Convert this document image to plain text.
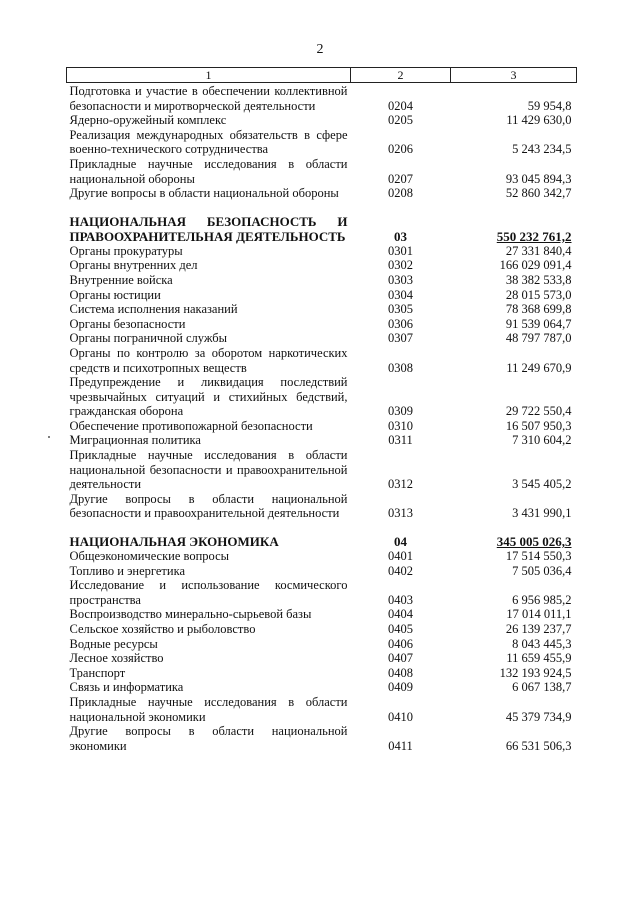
2
1	2	3
Подготовка и участие в обеспечении коллективной безопасности и миротворческой деятельности	0204	59 954,8
Ядерно-оружейный комплекс	0205	11 429 630,0
Реализация международных обязательств в сфере военно-технического сотрудничества	0206	5 243 234,5
Прикладные научные исследования в области национальной обороны	0207	93 045 894,3
Другие вопросы в области национальной обороны	0208	52 860 342,7
НАЦИОНАЛЬНАЯ БЕЗОПАСНОСТЬ И ПРАВООХРАНИТЕЛЬНАЯ ДЕЯТЕЛЬНОСТЬ	03	550 232 761,2
Органы прокуратуры	0301	27 331 840,4
Органы внутренних дел	0302	166 029 091,4
Внутренние войска	0303	38 382 533,8
Органы юстиции	0304	28 015 573,0
Система исполнения наказаний	0305	78 368 699,8
Органы безопасности	0306	91 539 064,7
Органы пограничной службы	0307	48 797 787,0
Органы по контролю за оборотом наркотических средств и психотропных веществ	0308	11 249 670,9
Предупреждение и ликвидация последствий чрезвычайных ситуаций и стихийных бедствий, гражданская оборона	0309	29 722 550,4
Обеспечение противопожарной безопасности	0310	16 507 950,3
Миграционная политика	0311	7 310 604,2
Прикладные научные исследования в области национальной безопасности и правоохранительной деятельности	0312	3 545 405,2
Другие вопросы в области национальной безопасности и правоохранительной деятельности	0313	3 431 990,1
НАЦИОНАЛЬНАЯ ЭКОНОМИКА	04	345 005 026,3
Общеэкономические вопросы	0401	17 514 550,3
Топливо и энергетика	0402	7 505 036,4
Исследование и использование космического пространства	0403	6 956 985,2
Воспроизводство минерально-сырьевой базы	0404	17 014 011,1
Сельское хозяйство и рыболовство	0405	26 139 237,7
Водные ресурсы	0406	8 043 445,3
Лесное хозяйство	0407	11 659 455,9
Транспорт	0408	132 193 924,5
Связь и информатика	0409	6 067 138,7
Прикладные научные исследования в области национальной экономики	0410	45 379 734,9
Другие вопросы в области национальной экономики	0411	66 531 506,3
